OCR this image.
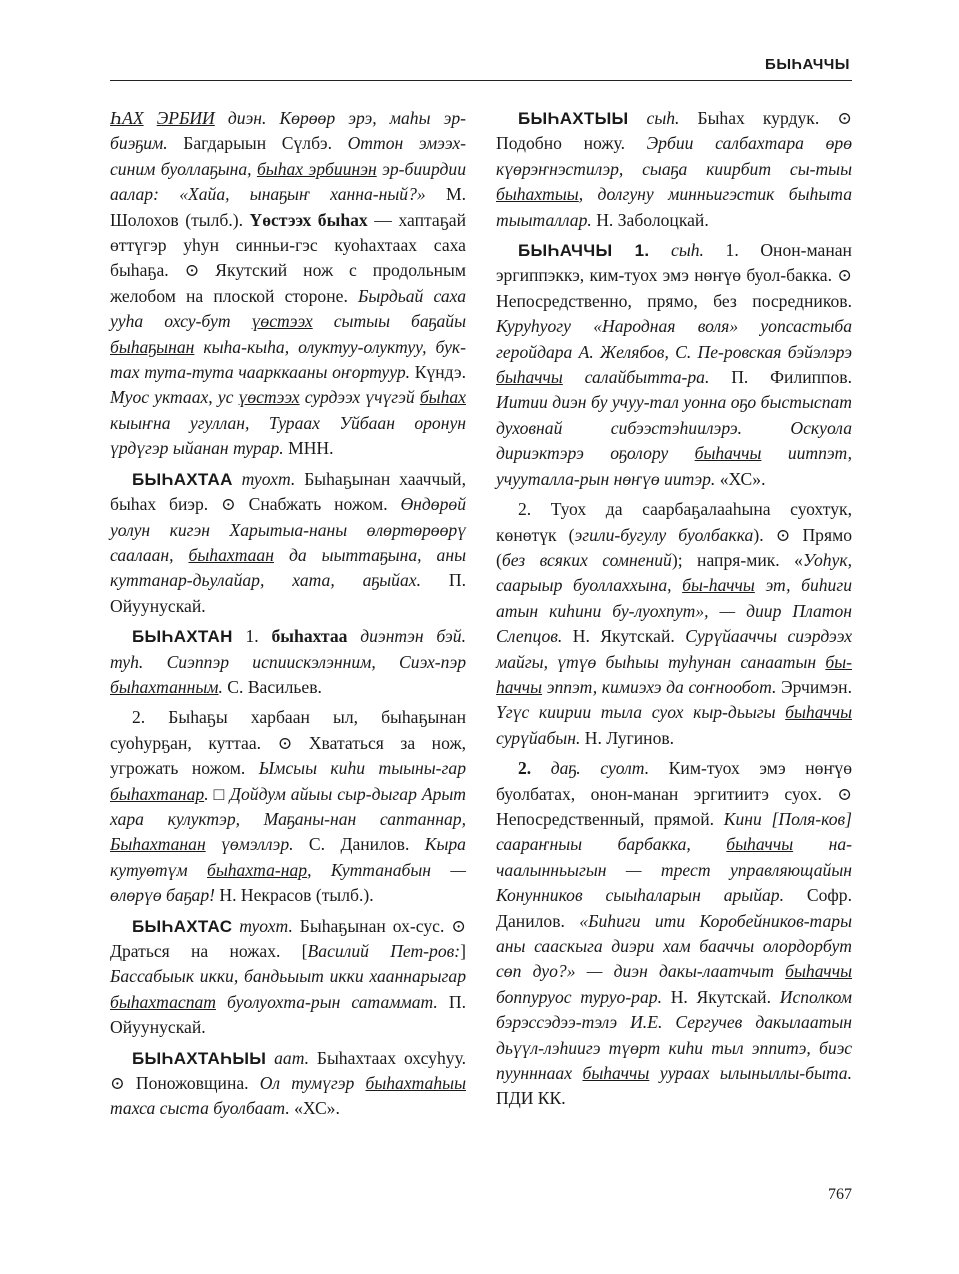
БЫҺАЧЧЫ

ҺАХ ЭРБИИ диэн. Көрөөр эрэ, маһы эр-биэҕим. Багдарыын Сүлбэ. Оттон эмээх-синим буоллаҕына, быһах эрбиинэн эр-биирдии аалар: «Хайа, ынаҕыҥ ханна-ный?» М. Шолохов (тылб.). Үөстээх быһах — хаптаҕай өттүгэр уһун синньи-гэс куоһахтаах саха быһаҕа. ⊙ Якутский нож с продольным желобом на плоской стороне. Бырдьай саха ууһа охсу-бут үөстээх сытыы баҕайы быһаҕынан кыһа-кыһа, олуктуу-олуктуу, бук-тах тута-тута чаарккааны оҥортуур. Күндэ. Муос уктаах, ус үөстээх сурдээх үчүгэй быһах кыыҥна угуллан, Тураах Уйбаан оронун үрдүгэр ыйанан турар. МНН.

БЫҺАХТАА туохт. Быһаҕынан хааччый, быһах биэр. ⊙ Снабжать ножом. Өндөрөй уолун кигэн Харытыа-наны өлөртөрөөрү саалаан, быһахтаан да ыыттаҕына, аны куттанар-дьулайар, хата, аҕыйах. П. Ойуунускай.

БЫҺАХТАН 1. быһахтаа диэнтэн бэй. туһ. Сиэппэр испиискэлэнним, Сиэх-пэр быһахтанным. С. Васильев.

2. Быһаҕы харбаан ыл, быһаҕынан суоһурҕан, куттаа. ⊙ Хвататься за нож, угрожать ножом. Ымсыы киһи тыыны-гар быһахтанар. □ Дойдум айыы сыр-дыгар Арыт хара кулуктэр, Маҕаны-нан саптаннар, Быһахтанан үөмэллэр. С. Данилов. Кыра кутуөтүм быһахта-нар, Куттанабын — өлөрүө баҕар! Н. Некрасов (тылб.).

БЫҺАХТАС туохт. Быһаҕынан ох-сус. ⊙ Драться на ножах. [Василий Пет-ров:] Бассабыык икки, бандьыыт икки хааннарыгар быһахтаспат буолуохта-рын сатаммат. П. Ойуунускай.

БЫҺАХТАҺЫЫ аат. Быһахтаах охсуһуу. ⊙ Поножовщина. Ол тумүгэр быһахтаһыы тахса сыста буолбаат. «ХС».

БЫҺАХТЫЫ сыһ. Быһах курдук. ⊙ Подобно ножу. Эрбии салбахтара өрө күөрэҥнэстилэр, сыаҕа киирбит сы-тыы быһахтыы, долгуну минньигэстик быһыта тыыталлар. Н. Заболоцкай.

БЫҺАЧЧЫ 1. сыһ. 1. Онон-манан эргиппэккэ, ким-туох эмэ нөҥүө буол-бакка. ⊙ Непосредственно, прямо, без посредников. Куруһуогу «Народная воля» уопсастыба геройдара А. Желябов, С. Пе-ровская бэйэлэрэ быһаччы салайбытта-ра. П. Филиппов. Иитии диэн бу учуу-тал уонна оҕо быстыспат духовнай сибээстэһиилэрэ. Оскуола дириэктэрэ оҕолору быһаччы иитпэт, учууталла-рын нөҥүө иитэр. «ХС».

2. Туох да саарбаҕалааһына суохтук, көнөтүк (эгили-бугулу буолбакка). ⊙ Прямо (без всяких сомнений); напря-мик. «Уоһук, саарыыр буоллаххына, бы-һаччы эт, биһиги атын киһини бу-луохпут», — диир Платон Слепцов. Н. Якутскай. Сурүйааччы сиэрдээх майгы, үтүө быһыы туһунан санаатын бы-һаччы эппэт, кимиэхэ да соҥнообот. Эрчимэн. Үгүс киирии тыла суох кыр-дьыгы быһаччы сурүйабын. Н. Лугинов.

2. даҕ. суолт. Ким-туох эмэ нөҥүө буолбатах, онон-манан эргитиитэ суох. ⊙ Непосредственный, прямой. Кини [Поля-ков] саараҥныы барбакка, быһаччы на-чаалынньыгын — трест управляющайын Конунников сыыһаларын арыйар. Софр. Данилов. «Биһиги ити Коробейников-тары аны сааскыга диэри хам бааччы олордорбут сөп дуо?» — диэн дакы-лаатчыт быһаччы боппуруос туруо-рар. Н. Якутскай. Исполком бэрэссэдээ-тэлэ И.Е. Сергучев дакылаатын дьүүл-лэһиигэ түөрт киһи тыл эппитэ, биэс пуунннаах быһаччы уураах ылыныллы-быта. ПДИ КК.

767
